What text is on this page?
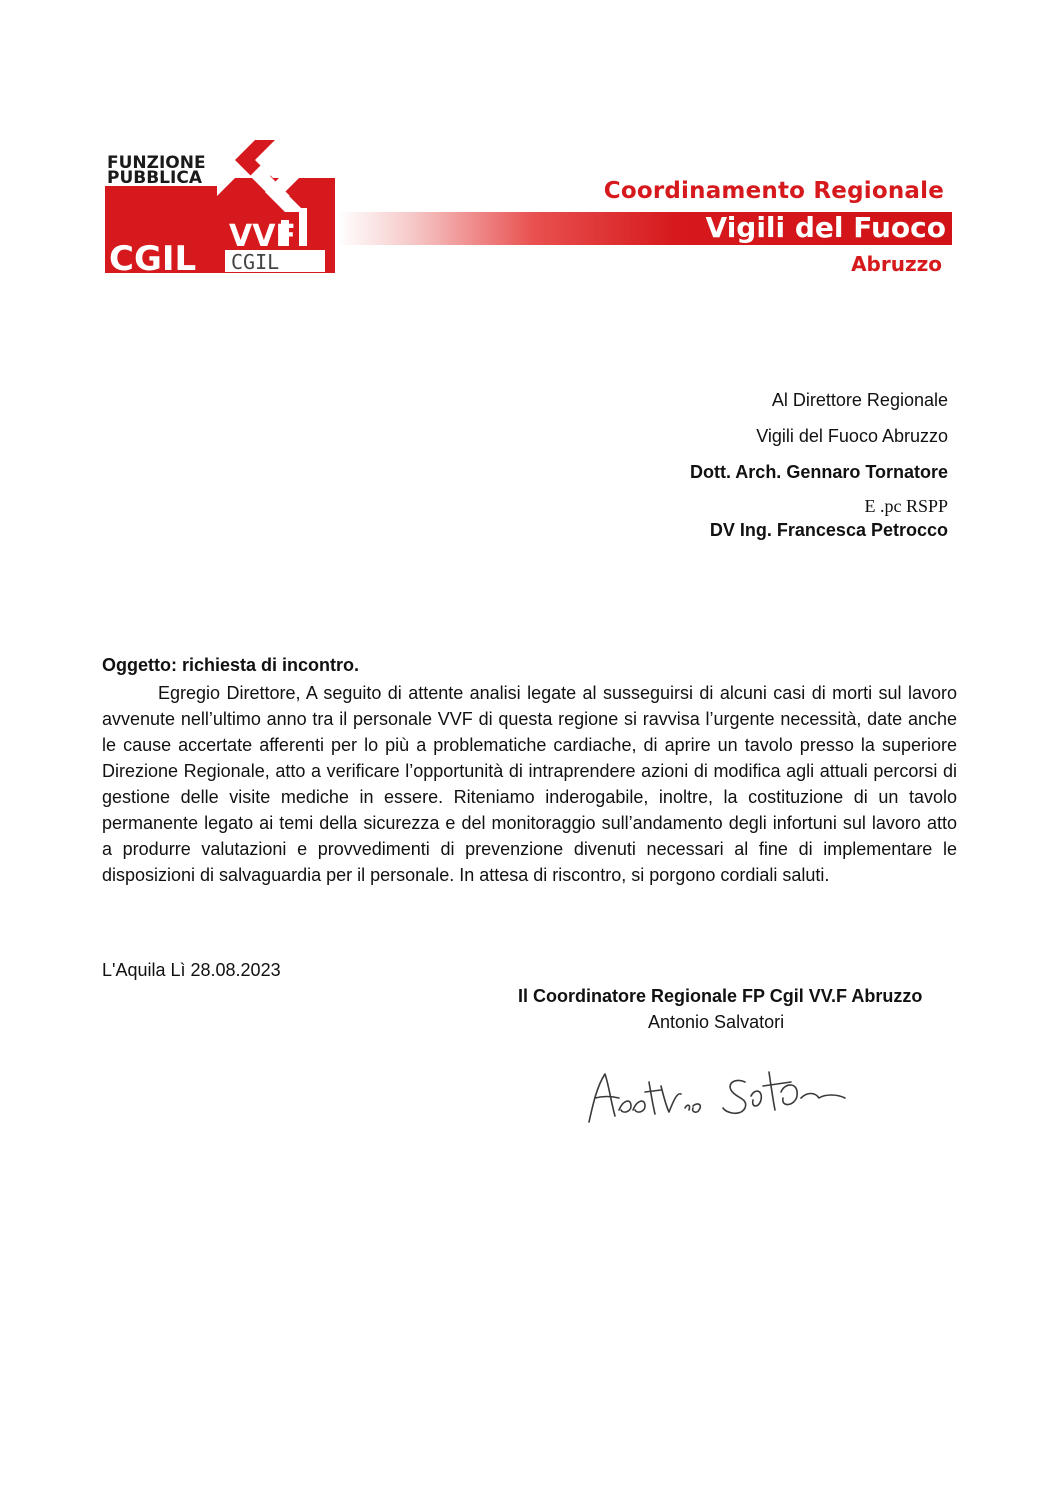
FUNZIONE
PUBBLICA
CGIL
VVF
CGIL
Coordinamento Regionale
Vigili del Fuoco
Abruzzo
Al Direttore Regionale
Vigili del Fuoco Abruzzo
Dott. Arch. Gennaro Tornatore
E .pc RSPP
DV Ing. Francesca Petrocco
Oggetto: richiesta di incontro.

Egregio Direttore, A seguito di attente analisi legate al susseguirsi di alcuni casi di morti sul lavoro avvenute nell’ultimo anno tra il personale VVF di questa regione si ravvisa l’urgente necessità, date anche le cause accertate afferenti per lo più a problematiche cardiache, di aprire un tavolo presso la superiore Direzione Regionale, atto a verificare l’opportunità di intraprendere azioni di modifica agli attuali percorsi di gestione delle visite mediche in essere. Riteniamo inderogabile, inoltre, la costituzione di un tavolo permanente legato ai temi della sicurezza e del monitoraggio sull’andamento degli infortuni sul lavoro atto a produrre valutazioni e provvedimenti di prevenzione divenuti necessari al fine di implementare le disposizioni di salvaguardia per il personale. In attesa di riscontro, si porgono cordiali saluti.

L'Aquila Lì 28.08.2023
Il Coordinatore Regionale FP Cgil VV.F Abruzzo
Antonio Salvatori
